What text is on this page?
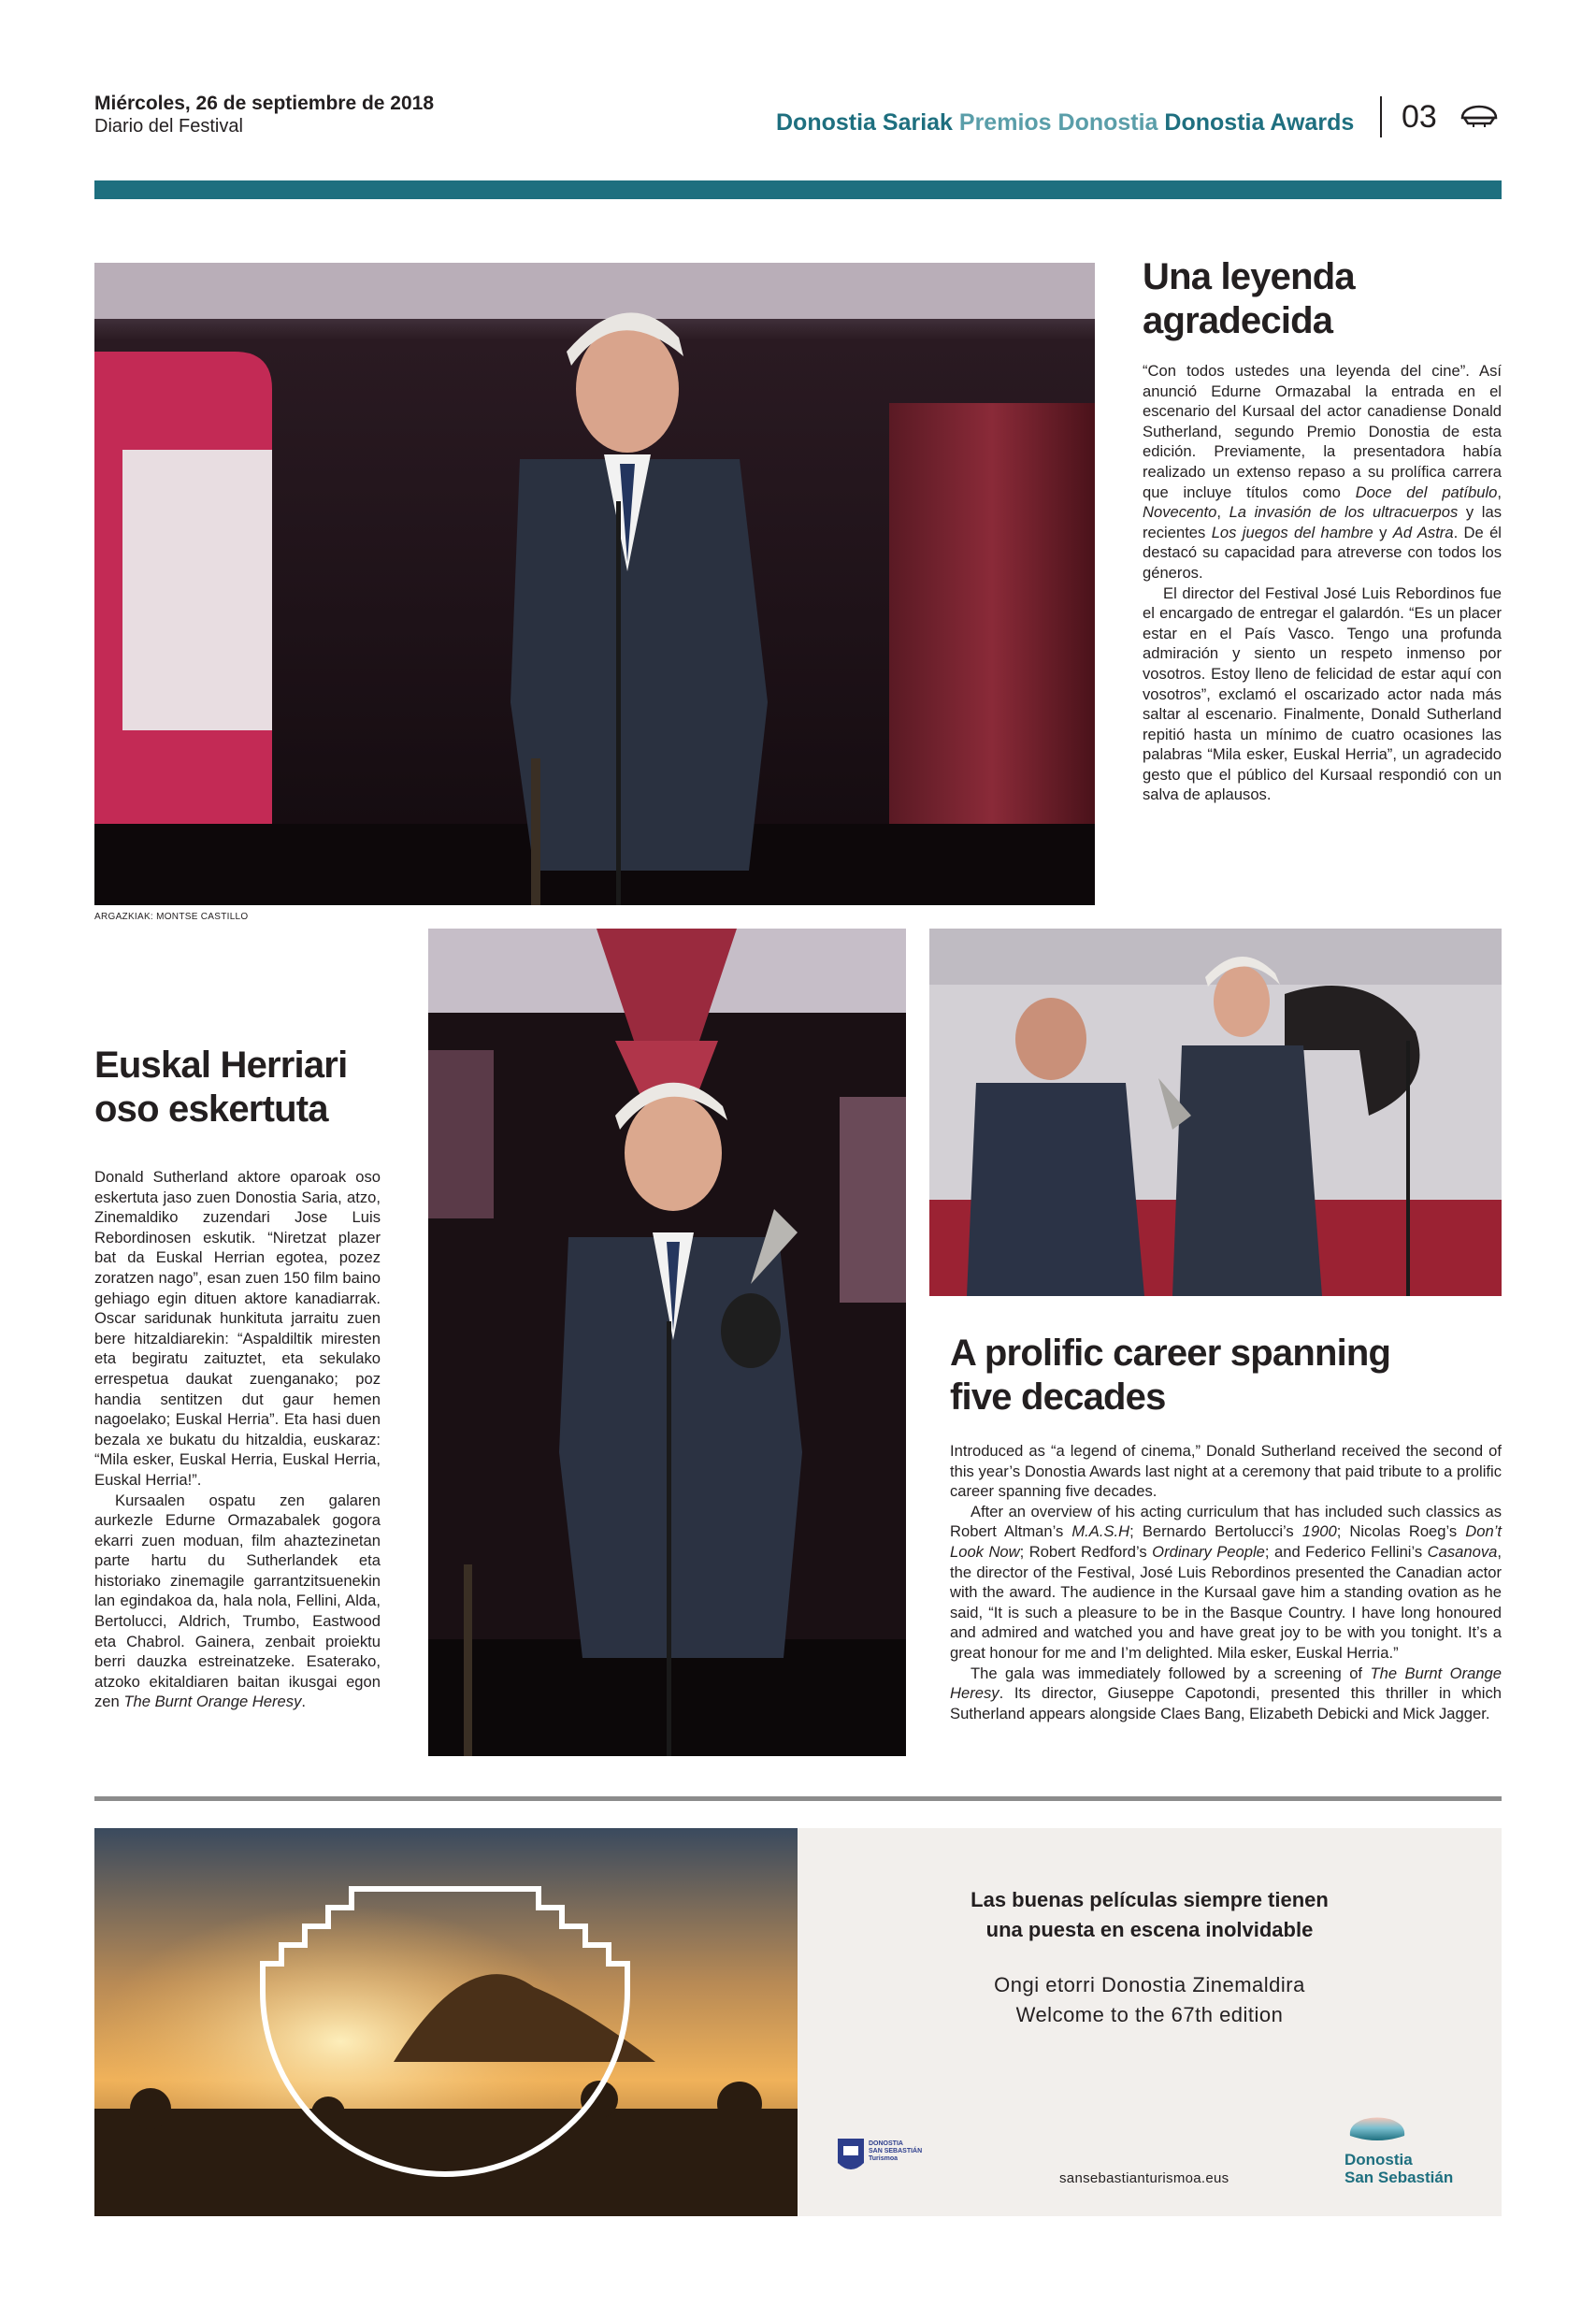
Miércoles, 26 de septiembre de 2018
Diario del Festival	Donostia Sariak Premios Donostia Donostia Awards 03
ARGAZKIAK: MONTSE CASTILLO
Una leyenda
agradecida

“Con todos ustedes una leyenda del cine”. Así anunció Edurne Ormazabal la entrada en el escenario del Kursaal del actor canadiense Donald Sutherland, segundo Premio Donostia de esta edición. Previamente, la presentadora había realizado un extenso repaso a su prolífica carrera que incluye títulos como Doce del patíbulo, Novecento, La invasión de los ultracuerpos y las recientes Los juegos del hambre y Ad Astra. De él destacó su capacidad para atreverse con todos los géneros.

El director del Festival José Luis Rebordinos fue el encargado de entregar el galardón. “Es un placer estar en el País Vasco. Tengo una profunda admiración y siento un respeto inmenso por vosotros. Estoy lleno de felicidad de estar aquí con vosotros”, exclamó el oscarizado actor nada más saltar al escenario. Finalmente, Donald Sutherland repitió hasta un mínimo de cuatro ocasiones las palabras “Mila esker, Euskal Herria”, un agradecido gesto que el público del Kursaal respondió con un salva de aplausos.

Euskal Herriari
oso eskertuta

Donald Sutherland aktore oparoak oso eskertuta jaso zuen Donostia Saria, atzo, Zinemaldiko zuzendari Jose Luis Rebordinosen eskutik. “Niretzat plazer bat da Euskal Herrian egotea, pozez zoratzen nago”, esan zuen 150 film baino gehiago egin dituen aktore kanadiarrak. Oscar saridunak hunkituta jarraitu zuen bere hitzaldiarekin: “Aspaldiltik miresten eta begiratu zaituztet, eta sekulako errespetua daukat zuenganako; poz handia sentitzen dut gaur hemen nagoelako; Euskal Herria”. Eta hasi duen bezala xe bukatu du hitzaldia, euskaraz: “Mila esker, Euskal Herria, Euskal Herria, Euskal Herria!”.

Kursaalen ospatu zen galaren aurkezle Edurne Ormazabalek gogora ekarri zuen moduan, film ahaztezinetan parte hartu du Sutherlandek eta historiako zinemagile garrantzitsuenekin lan egindakoa da, hala nola, Fellini, Alda, Bertolucci, Aldrich, Trumbo, Eastwood eta Chabrol. Gainera, zenbait proiektu berri dauzka estreinatzeke. Esaterako, atzoko ekitaldiaren baitan ikusgai egon zen The Burnt Orange Heresy.

A prolific career spanning
five decades

Introduced as “a legend of cinema,” Donald Sutherland received the second of this year’s Donostia Awards last night at a ceremony that paid tribute to a prolific career spanning five decades.

After an overview of his acting curriculum that has included such classics as Robert Altman’s M.A.S.H; Bernardo Bertolucci’s 1900; Nicolas Roeg’s Don’t Look Now; Robert Redford’s Ordinary People; and Federico Fellini’s Casanova, the director of the Festival, José Luis Rebordinos presented the Canadian actor with the award. The audience in the Kursaal gave him a standing ovation as he said, “It is such a pleasure to be in the Basque Country. I have long honoured and admired and watched you and have great joy to be with you tonight. It’s a great honour for me and I’m delighted. Mila esker, Euskal Herria.”

The gala was immediately followed by a screening of The Burnt Orange Heresy. Its director, Giuseppe Capotondi, presented this thriller in which Sutherland appears alongside Claes Bang, Elizabeth Debicki and Mick Jagger.

Las buenas películas siempre tienen
una puesta en escena inolvidable
Ongi etorri Donostia Zinemaldira
Welcome to the 67th edition
DONOSTIA
SAN SEBASTIÁN
Turismoa
sansebastianturismoa.eus
Donostia
San Sebastián
